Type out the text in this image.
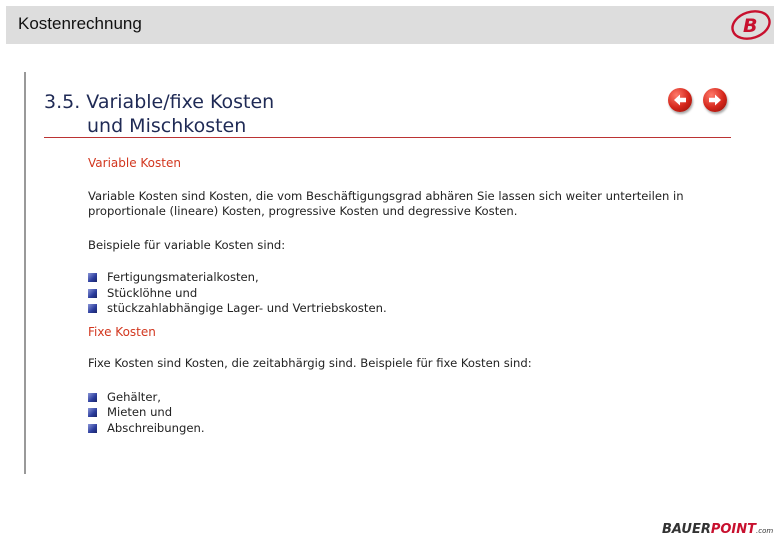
Kostenrechnung	B
3.5. Variable/fixe Kosten
und Mischkosten

Variable Kosten

Variable Kosten sind Kosten, die vom Beschäftigungsgrad abhären Sie lassen sich weiter unterteilen in proportionale (lineare) Kosten, progressive Kosten und degressive Kosten.

Beispiele für variable Kosten sind:

Fertigungsmaterialkosten,
Stücklöhne und
stückzahlabhängige Lager- und Vertriebskosten.

Fixe Kosten

Fixe Kosten sind Kosten, die zeitabhärgig sind. Beispiele für fixe Kosten sind:

Gehälter,
Mieten und
Abschreibungen.
BAUERPOINT.com
